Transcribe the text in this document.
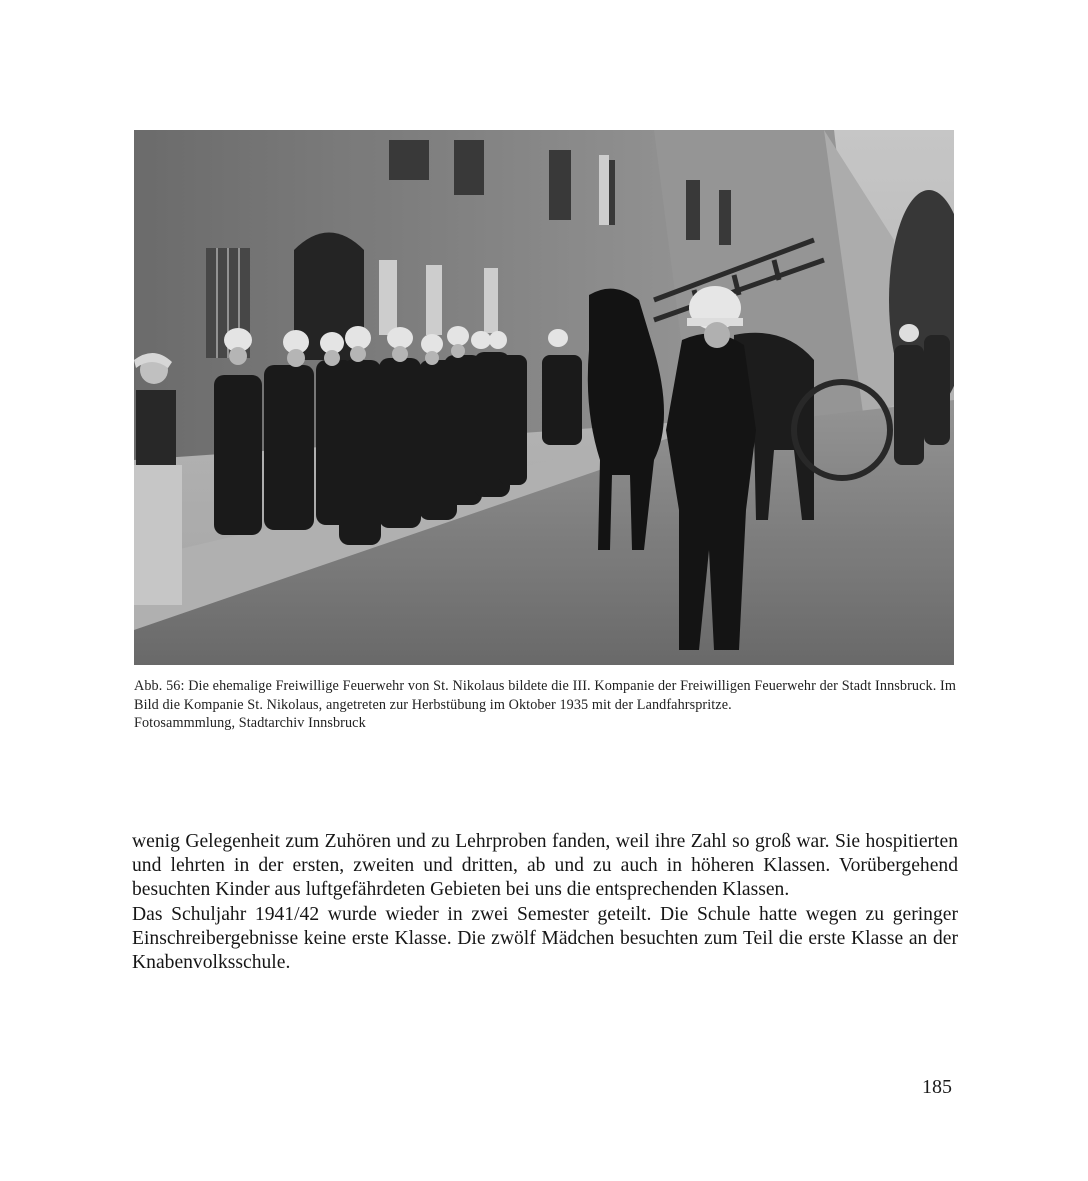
Abb. 56: Die ehemalige Freiwillige Feuerwehr von St. Nikolaus bildete die III. Kompanie der Freiwilligen Feuerwehr der Stadt Innsbruck. Im Bild die Kompanie St. Nikolaus, angetreten zur Herbstübung im Oktober 1935 mit der Landfahrspritze.

Fotosammmlung, Stadtarchiv Innsbruck

wenig Gelegenheit zum Zuhören und zu Lehrproben fanden, weil ihre Zahl so groß war. Sie hospitierten und lehrten in der ersten, zweiten und dritten, ab und zu auch in höheren Klassen. Vorübergehend besuchten Kinder aus luftgefährdeten Gebieten bei uns die entsprechenden Klassen.

Das Schuljahr 1941/42 wurde wieder in zwei Semester geteilt. Die Schule hatte wegen zu geringer Einschreibergebnisse keine erste Klasse. Die zwölf Mädchen besuchten zum Teil die erste Klasse an der Knabenvolksschule.

185
